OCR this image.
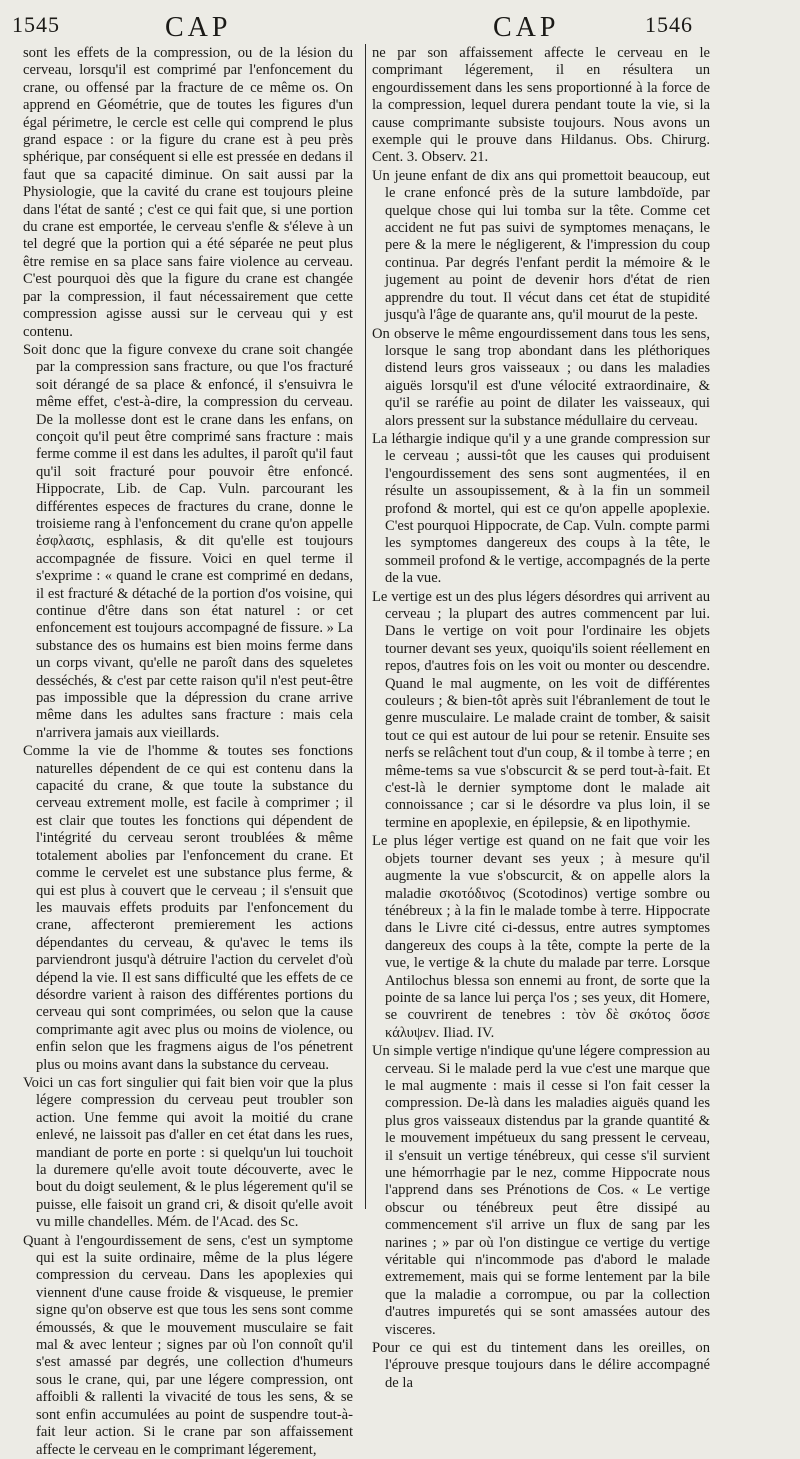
1545	CAP	CAP	1546

sont les effets de la compression, ou de la lésion du cerveau, lorsqu'il est comprimé par l'enfoncement du crane, ou offensé par la fracture de ce même os. On apprend en Géométrie, que de toutes les figures d'un égal périmetre, le cercle est celle qui comprend le plus grand espace : or la figure du crane est à peu près sphérique, par conséquent si elle est pressée en dedans il faut que sa capacité diminue. On sait aussi par la Physiologie, que la cavité du crane est toujours pleine dans l'état de santé ; c'est ce qui fait que, si une portion du crane est emportée, le cerveau s'enfle & s'éleve à un tel degré que la portion qui a été séparée ne peut plus être remise en sa place sans faire violence au cerveau. C'est pourquoi dès que la figure du crane est changée par la compression, il faut nécessairement que cette compression agisse aussi sur le cerveau qui y est contenu.

Soit donc que la figure convexe du crane soit changée par la compression sans fracture, ou que l'os fracturé soit dérangé de sa place & enfoncé, il s'ensuivra le même effet, c'est-à-dire, la compression du cerveau. De la mollesse dont est le crane dans les enfans, on conçoit qu'il peut être comprimé sans fracture : mais ferme comme il est dans les adultes, il paroît qu'il faut qu'il soit fracturé pour pouvoir être enfoncé. Hippocrate, Lib. de Cap. Vuln. parcourant les différentes especes de fractures du crane, donne le troisieme rang à l'enfoncement du crane qu'on appelle ἐσφλασις, esphlasis, & dit qu'elle est toujours accompagnée de fissure. Voici en quel terme il s'exprime : « quand le crane est comprimé en dedans, il est fracturé & détaché de la portion d'os voisine, qui continue d'être dans son état naturel : or cet enfoncement est toujours accompagné de fissure. » La substance des os humains est bien moins ferme dans un corps vivant, qu'elle ne paroît dans des squeletes desséchés, & c'est par cette raison qu'il n'est peut-être pas impossible que la dépression du crane arrive même dans les adultes sans fracture : mais cela n'arrivera jamais aux vieillards.

Comme la vie de l'homme & toutes ses fonctions naturelles dépendent de ce qui est contenu dans la capacité du crane, & que toute la substance du cerveau extrement molle, est facile à comprimer ; il est clair que toutes les fonctions qui dépendent de l'intégrité du cerveau seront troublées & même totalement abolies par l'enfoncement du crane. Et comme le cervelet est une substance plus ferme, & qui est plus à couvert que le cerveau ; il s'ensuit que les mauvais effets produits par l'enfoncement du crane, affecteront premierement les actions dépendantes du cerveau, & qu'avec le tems ils parviendront jusqu'à détruire l'action du cervelet d'où dépend la vie. Il est sans difficulté que les effets de ce désordre varient à raison des différentes portions du cerveau qui sont comprimées, ou selon que la cause comprimante agit avec plus ou moins de violence, ou enfin selon que les fragmens aigus de l'os pénetrent plus ou moins avant dans la substance du cerveau.

Voici un cas fort singulier qui fait bien voir que la plus légere compression du cerveau peut troubler son action. Une femme qui avoit la moitié du crane enlevé, ne laissoit pas d'aller en cet état dans les rues, mandiant de porte en porte : si quelqu'un lui touchoit la duremere qu'elle avoit toute découverte, avec le bout du doigt seulement, & le plus légerement qu'il se puisse, elle faisoit un grand cri, & disoit qu'elle avoit vu mille chandelles. Mém. de l'Acad. des Sc.

Quant à l'engourdissement de sens, c'est un symptome qui est la suite ordinaire, même de la plus légere compression du cerveau. Dans les apoplexies qui viennent d'une cause froide & visqueuse, le premier signe qu'on observe est que tous les sens sont comme émoussés, & que le mouvement musculaire se fait mal & avec lenteur ; signes par où l'on connoît qu'il s'est amassé par degrés, une collection d'humeurs sous le crane, qui, par une légere compression, ont affoibli & rallenti la vivacité de tous les sens, & se sont enfin accumulées au point de suspendre tout-à-fait leur action. Si le crane par son affaissement affecte le cerveau en le comprimant légerement,

ne par son affaissement affecte le cerveau en le comprimant légerement, il en résultera un engourdissement dans les sens proportionné à la force de la compression, lequel durera pendant toute la vie, si la cause comprimante subsiste toujours. Nous avons un exemple qui le prouve dans Hildanus. Obs. Chirurg. Cent. 3. Observ. 21.

Un jeune enfant de dix ans qui promettoit beaucoup, eut le crane enfoncé près de la suture lambdoïde, par quelque chose qui lui tomba sur la tête. Comme cet accident ne fut pas suivi de symptomes menaçans, le pere & la mere le négligerent, & l'impression du coup continua. Par degrés l'enfant perdit la mémoire & le jugement au point de devenir hors d'état de rien apprendre du tout. Il vécut dans cet état de stupidité jusqu'à l'âge de quarante ans, qu'il mourut de la peste.

On observe le même engourdissement dans tous les sens, lorsque le sang trop abondant dans les pléthoriques distend leurs gros vaisseaux ; ou dans les maladies aiguës lorsqu'il est d'une vélocité extraordinaire, & qu'il se raréfie au point de dilater les vaisseaux, qui alors pressent sur la substance médullaire du cerveau.

La léthargie indique qu'il y a une grande compression sur le cerveau ; aussi-tôt que les causes qui produisent l'engourdissement des sens sont augmentées, il en résulte un assoupissement, & à la fin un sommeil profond & mortel, qui est ce qu'on appelle apoplexie. C'est pourquoi Hippocrate, de Cap. Vuln. compte parmi les symptomes dangereux des coups à la tête, le sommeil profond & le vertige, accompagnés de la perte de la vue.

Le vertige est un des plus légers désordres qui arrivent au cerveau ; la plupart des autres commencent par lui. Dans le vertige on voit pour l'ordinaire les objets tourner devant ses yeux, quoiqu'ils soient réellement en repos, d'autres fois on les voit ou monter ou descendre. Quand le mal augmente, on les voit de différentes couleurs ; & bien-tôt après suit l'ébranlement de tout le genre musculaire. Le malade craint de tomber, & saisit tout ce qui est autour de lui pour se retenir. Ensuite ses nerfs se relâchent tout d'un coup, & il tombe à terre ; en même-tems sa vue s'obscurcit & se perd tout-à-fait. Et c'est-là le dernier symptome dont le malade ait connoissance ; car si le désordre va plus loin, il se termine en apoplexie, en épilepsie, & en lipothymie.

Le plus léger vertige est quand on ne fait que voir les objets tourner devant ses yeux ; à mesure qu'il augmente la vue s'obscurcit, & on appelle alors la maladie σκοτόδινος (Scotodinos) vertige sombre ou ténébreux ; à la fin le malade tombe à terre. Hippocrate dans le Livre cité ci-dessus, entre autres symptomes dangereux des coups à la tête, compte la perte de la vue, le vertige & la chute du malade par terre. Lorsque Antilochus blessa son ennemi au front, de sorte que la pointe de sa lance lui perça l'os ; ses yeux, dit Homere, se couvrirent de tenebres : τὸν δὲ σκότος ὄσσε κάλυψεν. Iliad. IV.

Un simple vertige n'indique qu'une légere compression au cerveau. Si le malade perd la vue c'est une marque que le mal augmente : mais il cesse si l'on fait cesser la compression. De-là dans les maladies aiguës quand les plus gros vaisseaux distendus par la grande quantité & le mouvement impétueux du sang pressent le cerveau, il s'ensuit un vertige ténébreux, qui cesse s'il survient une hémorrhagie par le nez, comme Hippocrate nous l'apprend dans ses Prénotions de Cos. « Le vertige obscur ou ténébreux peut être dissipé au commencement s'il arrive un flux de sang par les narines ; » par où l'on distingue ce vertige du vertige véritable qui n'incommode pas d'abord le malade extremement, mais qui se forme lentement par la bile que la maladie a corrompue, ou par la collection d'autres impuretés qui se sont amassées autour des visceres.

Pour ce qui est du tintement dans les oreilles, on l'éprouve presque toujours dans le délire accompagné de la
